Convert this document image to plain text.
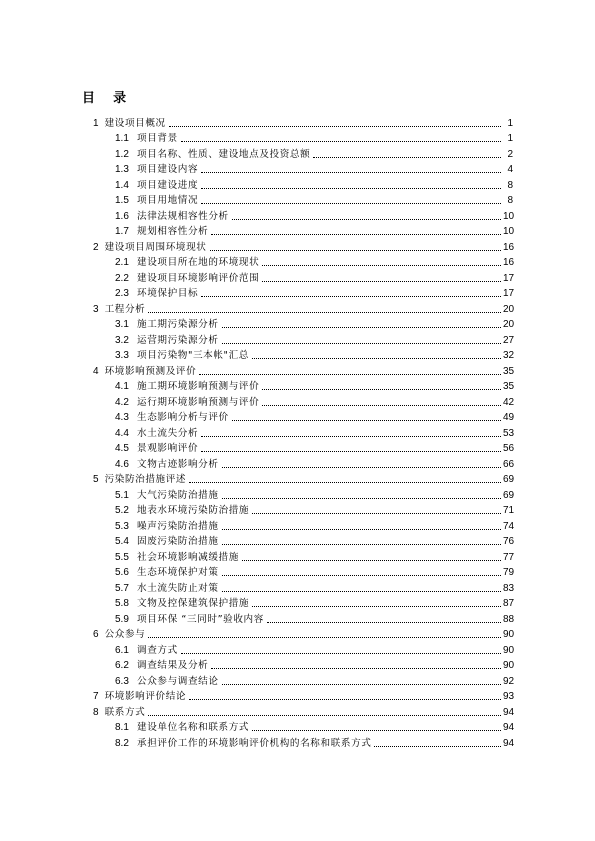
目    录
1 建设项目概况	1
1.1 项目背景	1
1.2 项目名称、性质、建设地点及投资总额	2
1.3 项目建设内容	4
1.4 项目建设进度	8
1.5 项目用地情况	8
1.6 法律法规相容性分析	10
1.7 规划相容性分析	10
2 建设项目周围环境现状	16
2.1 建设项目所在地的环境现状	16
2.2 建设项目环境影响评价范围	17
2.3 环境保护目标	17
3 工程分析	20
3.1 施工期污染源分析	20
3.2 运营期污染源分析	27
3.3 项目污染物"三本帐"汇总	32
4 环境影响预测及评价	35
4.1 施工期环境影响预测与评价	35
4.2 运行期环境影响预测与评价	42
4.3 生态影响分析与评价	49
4.4 水土流失分析	53
4.5 景观影响评价	56
4.6 文物古迹影响分析	66
5 污染防治措施评述	69
5.1 大气污染防治措施	69
5.2 地表水环境污染防治措施	71
5.3 噪声污染防治措施	74
5.4 固废污染防治措施	76
5.5 社会环境影响减缓措施	77
5.6 生态环境保护对策	79
5.7 水土流失防止对策	83
5.8 文物及控保建筑保护措施	87
5.9 项目环保 “三同时”验收内容	88
6 公众参与	90
6.1 调查方式	90
6.2 调查结果及分析	90
6.3 公众参与调查结论	92
7 环境影响评价结论	93
8 联系方式	94
8.1 建设单位名称和联系方式	94
8.2 承担评价工作的环境影响评价机构的名称和联系方式	94
